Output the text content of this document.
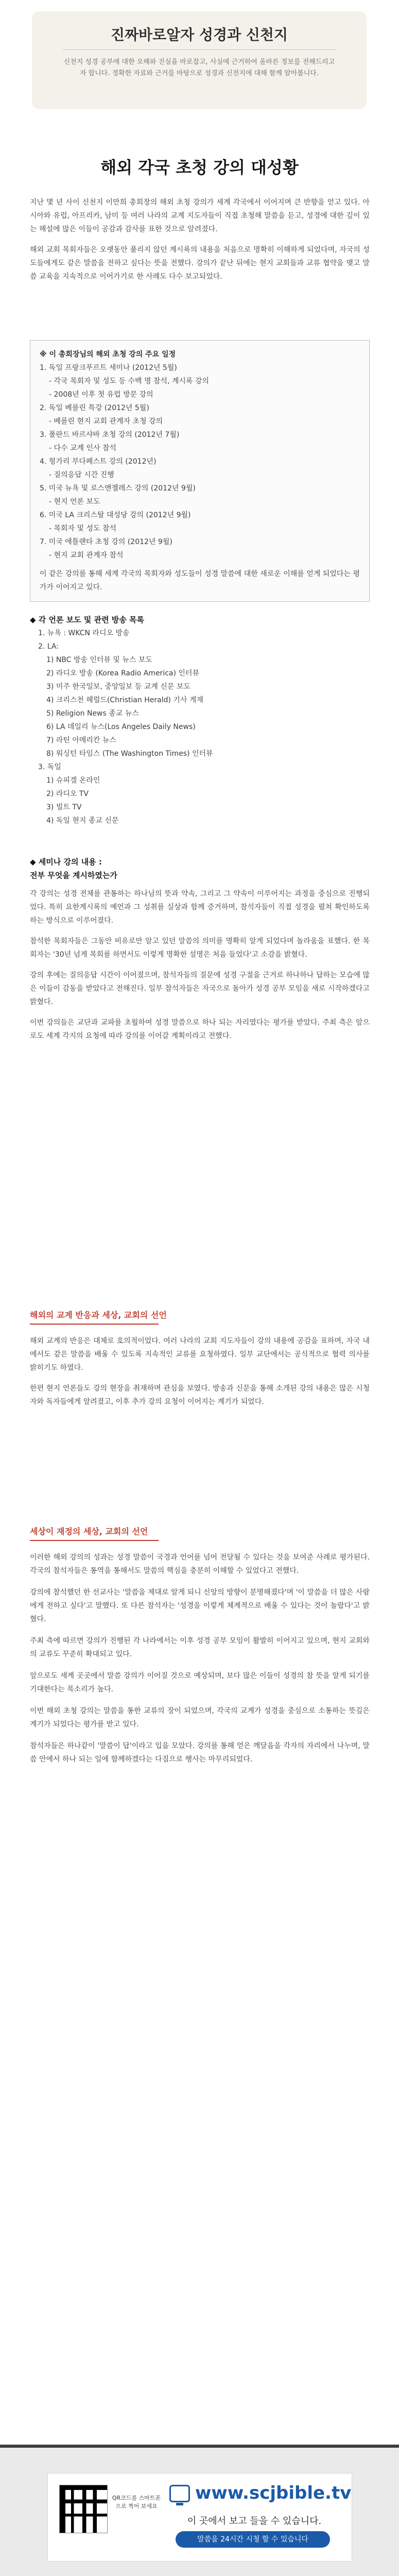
진짜바로알자 성경과 신천지
신천지 성경 공부에 대한 오해와 진실을 바로잡고, 사실에 근거하여 올바른 정보를 전해드리고자 합니다. 정확한 자료와 근거를 바탕으로 성경과 신천지에 대해 함께 알아봅니다.
해외 각국 초청 강의 대성황

지난 몇 년 사이 신천지 이만희 총회장의 해외 초청 강의가 세계 각국에서 이어지며 큰 반향을 얻고 있다. 아시아와 유럽, 아프리카, 남미 등 여러 나라의 교계 지도자들이 직접 초청해 말씀을 듣고, 성경에 대한 깊이 있는 해설에 많은 이들이 공감과 감사를 표한 것으로 알려졌다.

해외 교회 목회자들은 오랫동안 풀리지 않던 계시록의 내용을 처음으로 명확히 이해하게 되었다며, 자국의 성도들에게도 같은 말씀을 전하고 싶다는 뜻을 전했다. 강의가 끝난 뒤에는 현지 교회들과 교류 협약을 맺고 말씀 교육을 지속적으로 이어가기로 한 사례도 다수 보고되었다.

※ 이 총회장님의 해외 초청 강의 주요 일정
1. 독일 프랑크푸르트 세미나 (2012년 5월)
- 각국 목회자 및 성도 등 수백 명 참석, 계시록 강의
- 2008년 이후 첫 유럽 방문 강의
2. 독일 베를린 특강 (2012년 5월)
- 베를린 현지 교회 관계자 초청 강의
3. 폴란드 바르샤바 초청 강의 (2012년 7월)
- 다수 교계 인사 참석
4. 헝가리 부다페스트 강의 (2012년)
- 질의응답 시간 진행
5. 미국 뉴욕 및 로스앤젤레스 강의 (2012년 9월)
- 현지 언론 보도
6. 미국 LA 크리스탈 대성당 강의 (2012년 9월)
- 목회자 및 성도 참석
7. 미국 애틀랜타 초청 강의 (2012년 9월)
- 현지 교회 관계자 참석

이 같은 강의를 통해 세계 각국의 목회자와 성도들이 성경 말씀에 대한 새로운 이해를 얻게 되었다는 평가가 이어지고 있다.

◆ 각 언론 보도 및 관련 방송 목록
1. 뉴욕 : WKCN 라디오 방송
2. LA:
1) NBC 방송 인터뷰 및 뉴스 보도
2) 라디오 방송 (Korea Radio America) 인터뷰
3) 미주 한국일보, 중앙일보 등 교계 신문 보도
4) 크리스천 헤럴드(Christian Herald) 기사 게재
5) Religion News 종교 뉴스
6) LA 데일리 뉴스(Los Angeles Daily News)
7) 라틴 아메리칸 뉴스
8) 워싱턴 타임스 (The Washington Times) 인터뷰
3. 독일
1) 슈피겔 온라인
2) 라디오 TV
3) 빌트 TV
4) 독일 현지 종교 신문
◆ 세미나 강의 내용 :
전부 무엇을 계시하였는가

각 강의는 성경 전체를 관통하는 하나님의 뜻과 약속, 그리고 그 약속이 이루어지는 과정을 중심으로 진행되었다. 특히 요한계시록의 예언과 그 성취를 실상과 함께 증거하며, 참석자들이 직접 성경을 펼쳐 확인하도록 하는 방식으로 이루어졌다.

참석한 목회자들은 그동안 비유로만 알고 있던 말씀의 의미를 명확히 알게 되었다며 놀라움을 표했다. 한 목회자는 '30년 넘게 목회를 하면서도 이렇게 명확한 설명은 처음 들었다'고 소감을 밝혔다.

강의 후에는 질의응답 시간이 이어졌으며, 참석자들의 질문에 성경 구절을 근거로 하나하나 답하는 모습에 많은 이들이 감동을 받았다고 전해진다. 일부 참석자들은 자국으로 돌아가 성경 공부 모임을 새로 시작하겠다고 밝혔다.

이번 강의들은 교단과 교파를 초월하여 성경 말씀으로 하나 되는 자리였다는 평가를 받았다. 주최 측은 앞으로도 세계 각지의 요청에 따라 강의를 이어갈 계획이라고 전했다.

해외의 교계 반응과 세상, 교회의 선언

해외 교계의 반응은 대체로 호의적이었다. 여러 나라의 교회 지도자들이 강의 내용에 공감을 표하며, 자국 내에서도 같은 말씀을 배울 수 있도록 지속적인 교류를 요청하였다. 일부 교단에서는 공식적으로 협력 의사를 밝히기도 하였다.

한편 현지 언론들도 강의 현장을 취재하며 관심을 보였다. 방송과 신문을 통해 소개된 강의 내용은 많은 시청자와 독자들에게 알려졌고, 이후 추가 강의 요청이 이어지는 계기가 되었다.

세상이 재정의 세상, 교회의 선언

이러한 해외 강의의 성과는 성경 말씀이 국경과 언어를 넘어 전달될 수 있다는 것을 보여준 사례로 평가된다. 각국의 참석자들은 통역을 통해서도 말씀의 핵심을 충분히 이해할 수 있었다고 전했다.

강의에 참석했던 한 선교사는 '말씀을 제대로 알게 되니 신앙의 방향이 분명해졌다'며 '이 말씀을 더 많은 사람에게 전하고 싶다'고 말했다. 또 다른 참석자는 '성경을 이렇게 체계적으로 배울 수 있다는 것이 놀랍다'고 밝혔다.

주최 측에 따르면 강의가 진행된 각 나라에서는 이후 성경 공부 모임이 활발히 이어지고 있으며, 현지 교회와의 교류도 꾸준히 확대되고 있다.

앞으로도 세계 곳곳에서 말씀 강의가 이어질 것으로 예상되며, 보다 많은 이들이 성경의 참 뜻을 알게 되기를 기대한다는 목소리가 높다.

이번 해외 초청 강의는 말씀을 통한 교류의 장이 되었으며, 각국의 교계가 성경을 중심으로 소통하는 뜻깊은 계기가 되었다는 평가를 받고 있다.

참석자들은 하나같이 '말씀이 답'이라고 입을 모았다. 강의를 통해 얻은 깨달음을 각자의 자리에서 나누며, 말씀 안에서 하나 되는 일에 함께하겠다는 다짐으로 행사는 마무리되었다.

QR코드를 스마트폰으로 찍어 보세요
www.scjbible.tv
이 곳에서 보고 들을 수 있습니다.
말씀을 24시간 시청 할 수 있습니다
